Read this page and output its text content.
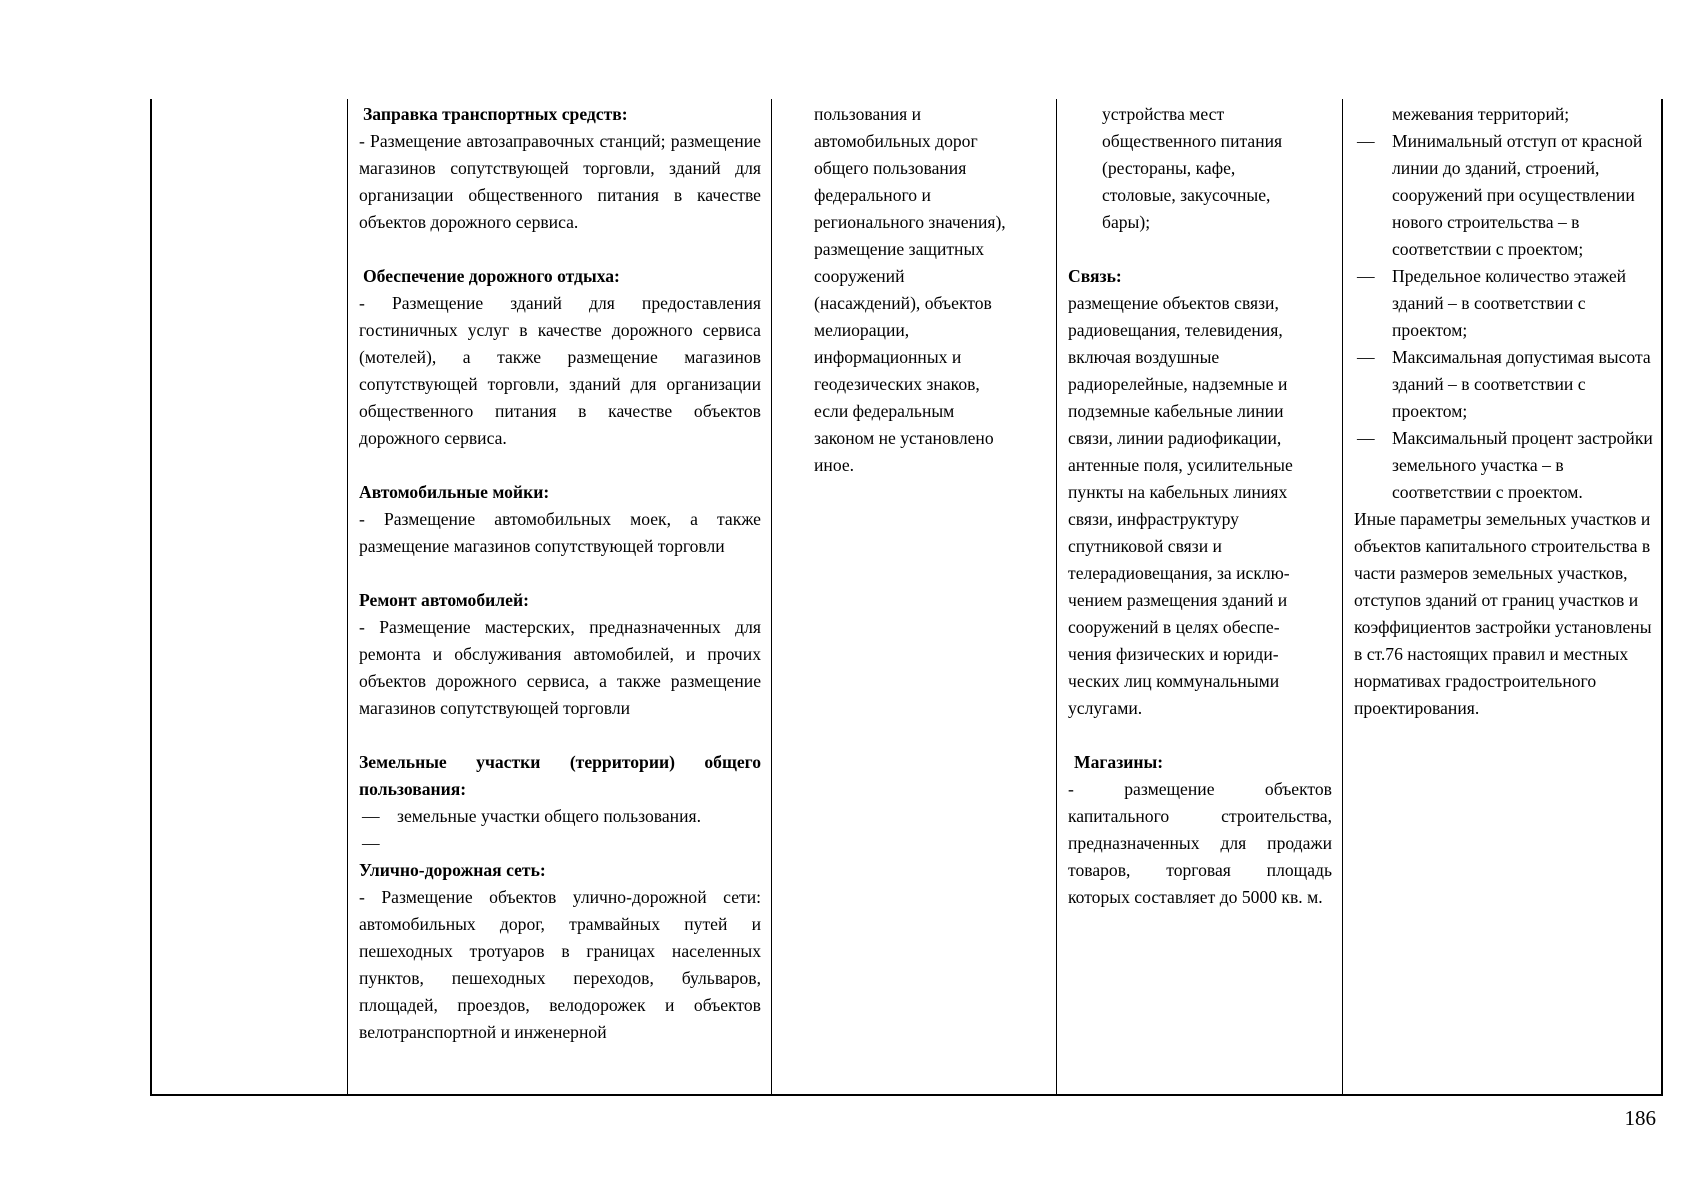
Заправка транспортных средств:

- Размещение автозаправочных станций; размещение магазинов сопутствующей торговли, зданий для организации общественного питания в качестве объектов дорожного сервиса.

Обеспечение дорожного отдыха:

- Размещение зданий для предоставления гостиничных услуг в качестве дорожного сервиса (мотелей), а также размещение магазинов сопутствующей торговли, зданий для организации общественного питания в качестве объектов дорожного сервиса.

Автомобильные мойки:

- Размещение автомобильных моек, а также размещение магазинов сопутствующей торговли

Ремонт автомобилей:

- Размещение мастерских, предназначенных для ремонта и обслуживания автомобилей, и прочих объектов дорожного сервиса, а также размещение магазинов сопутствующей торговли

Земельные участки (территории) общего пользования:

— земельные участки общего пользования.

—

Улично-дорожная сеть:

- Размещение объектов улично-дорожной сети: автомобильных дорог, трамвайных путей и пешеходных тротуаров в границах населенных пунктов, пешеходных переходов, бульваров, площадей, проездов, велодорожек и объектов велотранспортной и инженерной

пользования и

автомобильных дорог

общего пользования

федерального и

регионального значения),

размещение защитных

сооружений

(насаждений), объектов

мелиорации,

информационных и

геодезических знаков,

если федеральным

законом не установлено

иное.

устройства мест

общественного питания

(рестораны, кафе,

столовые, закусочные,

бары);

Связь:

размещение объектов связи,

радиовещания, телевидения,

включая воздушные

радиорелейные, надземные и

подземные кабельные линии

связи, линии радиофикации,

антенные поля, усилительные

пункты на кабельных линиях

связи, инфраструктуру

спутниковой связи и

телерадиовещания, за исклю-

чением размещения зданий и

сооружений в целях обеспе-

чения физических и юриди-

ческих лиц коммунальными

услугами.

Магазины:

- размещение объектов капитального строительства, предназначенных для продажи товаров, торговая площадь которых составляет до 5000 кв. м.

межевания территорий;

— Минимальный отступ от красной линии до зданий, строений, сооружений при осуществлении нового строительства – в соответствии с проектом;

— Предельное количество этажей зданий – в соответствии с проектом;

— Максимальная допустимая высота зданий – в соответствии с проектом;

— Максимальный процент застройки земельного участка – в соответствии с проектом.

Иные параметры земельных участков и объектов капитального строительства в части размеров земельных участков, отступов зданий от границ участков и коэффициентов застройки установлены в ст.76 настоящих правил и местных нормативах градостроительного проектирования.

186
